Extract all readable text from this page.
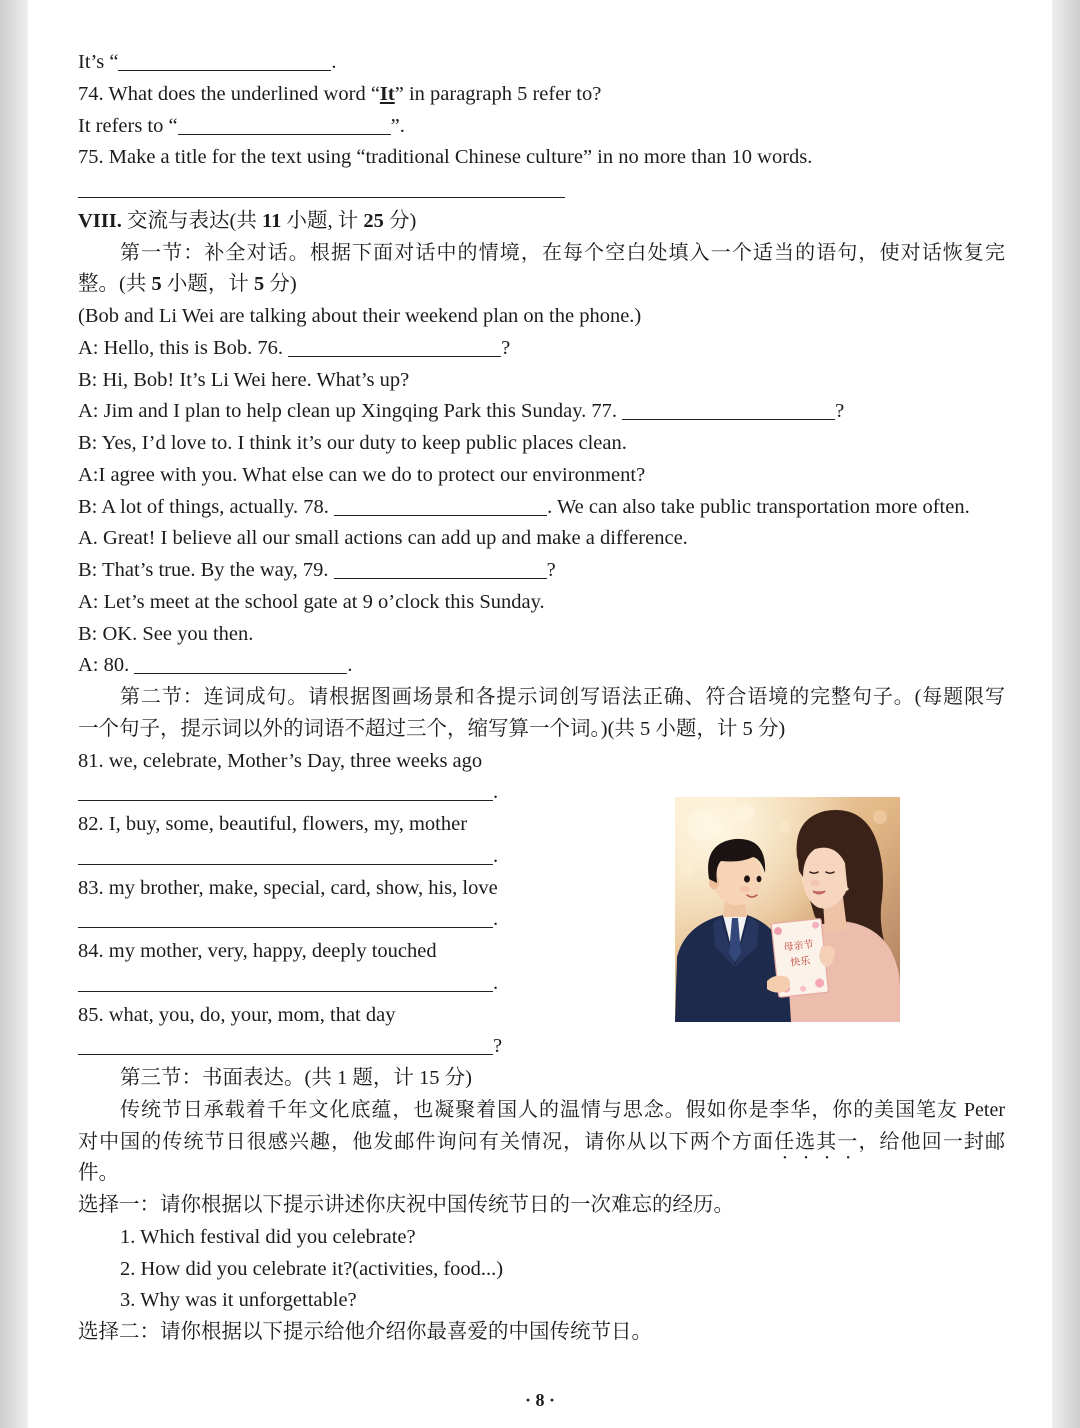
It’s “	.
74. What does the underlined word “It” in paragraph 5 refer to?
It refers to “	”.
75. Make a title for the text using “traditional Chinese culture” in no more than 10 words.
VIII. 交流与表达(共 11 小题, 计 25 分)
第一节：补全对话。根据下面对话中的情境，在每个空白处填入一个适当的语句，使对话恢复完
整。(共 5 小题，计 5 分)
(Bob and Li Wei are talking about their weekend plan on the phone.)
A: Hello, this is Bob. 76.	?
B: Hi, Bob! It’s Li Wei here. What’s up?
A: Jim and I plan to help clean up Xingqing Park this Sunday. 77.	?
B: Yes, I’d love to. I think it’s our duty to keep public places clean.
A:I agree with you. What else can we do to protect our environment?
B: A lot of things, actually. 78.	. We can also take public transportation more often.
A. Great! I believe all our small actions can add up and make a difference.
B: That’s true. By the way, 79.	?
A: Let’s meet at the school gate at 9 o’clock this Sunday.
B: OK. See you then.
A: 80.	.
第二节：连词成句。请根据图画场景和各提示词创写语法正确、符合语境的完整句子。(每题限写
一个句子，提示词以外的词语不超过三个，缩写算一个词。)(共 5 小题，计 5 分)
81. we, celebrate, Mother’s Day, three weeks ago
.
82. I, buy, some, beautiful, flowers, my, mother
.
83. my brother, make, special, card, show, his, love
.
84. my mother, very, happy, deeply touched
.
85. what, you, do, your, mom, that day
?
第三节：书面表达。(共 1 题，计 15 分)
传统节日承载着千年文化底蕴，也凝聚着国人的温情与思念。假如你是李华，你的美国笔友 Peter
对中国的传统节日很感兴趣，他发邮件询问有关情况，请你从以下两个方面任选其一，给他回一封邮
件。
选择一：请你根据以下提示讲述你庆祝中国传统节日的一次难忘的经历。
1. Which festival did you celebrate?
2. How did you celebrate it?(activities, food...)
3. Why was it unforgettable?
选择二：请你根据以下提示给他介绍你最喜爱的中国传统节日。
母亲节
快乐
· 8 ·
